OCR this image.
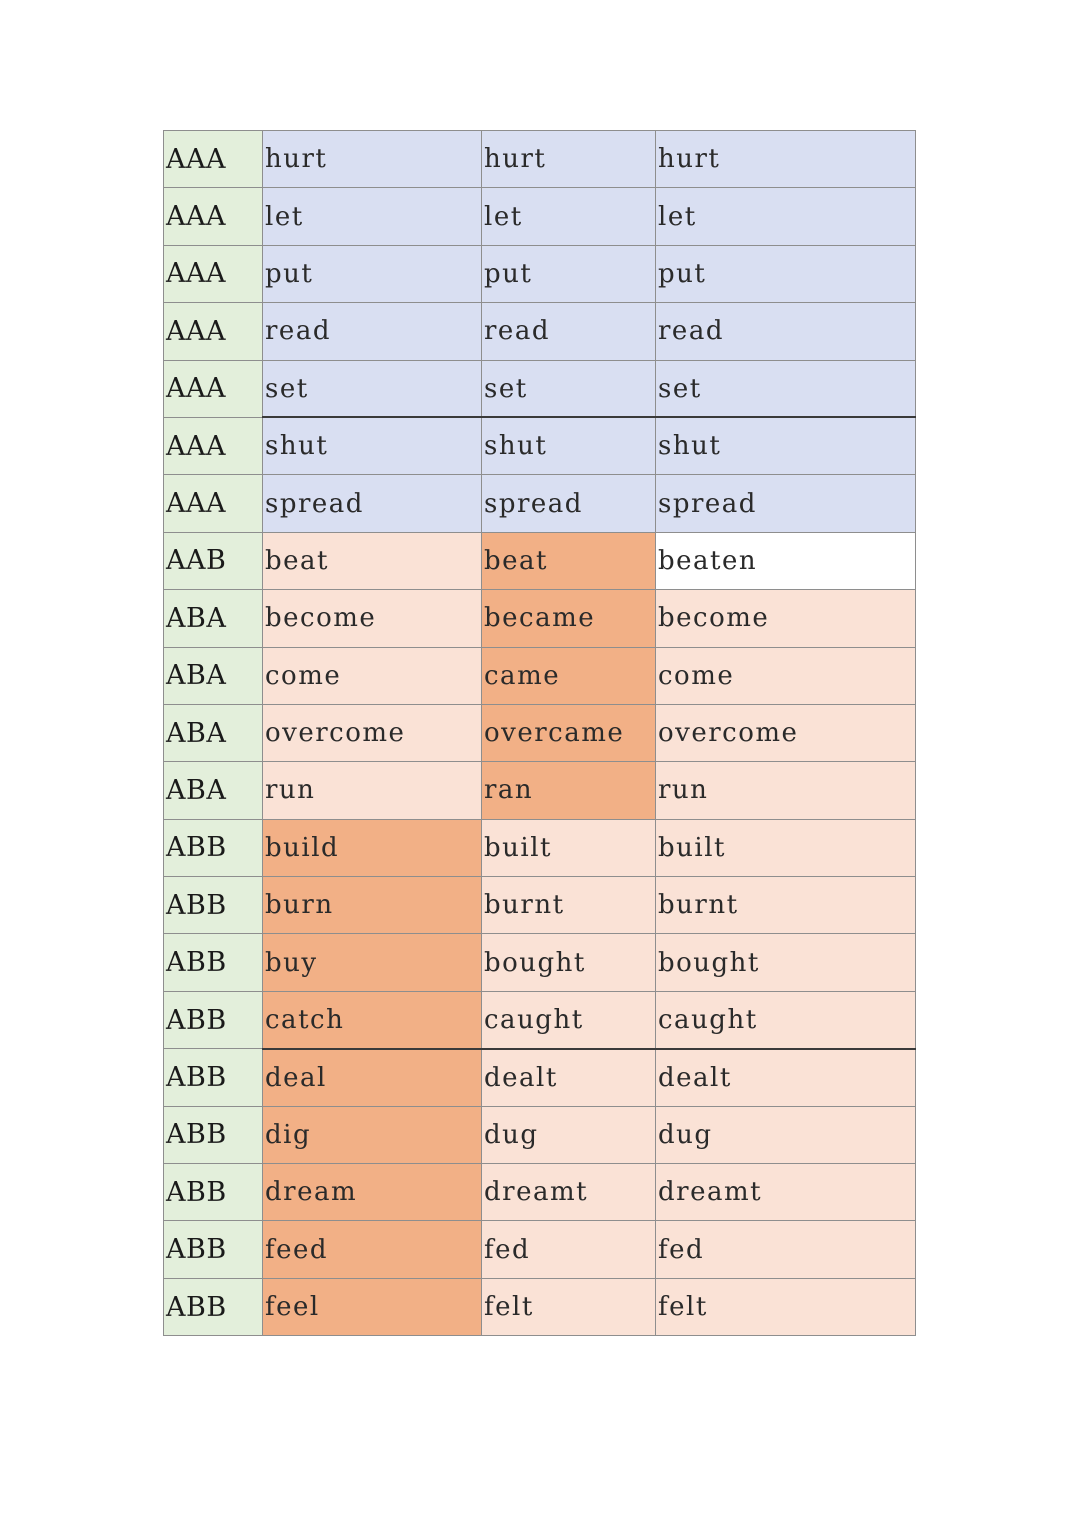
AAA	hurt	hurt	hurt
AAA	let	let	let
AAA	put	put	put
AAA	read	read	read
AAA	set	set	set
AAA	shut	shut	shut
AAA	spread	spread	spread
AAB	beat	beat	beaten
ABA	become	became	become
ABA	come	came	come
ABA	overcome	overcame	overcome
ABA	run	ran	run
ABB	build	built	built
ABB	burn	burnt	burnt
ABB	buy	bought	bought
ABB	catch	caught	caught
ABB	deal	dealt	dealt
ABB	dig	dug	dug
ABB	dream	dreamt	dreamt
ABB	feed	fed	fed
ABB	feel	felt	felt
